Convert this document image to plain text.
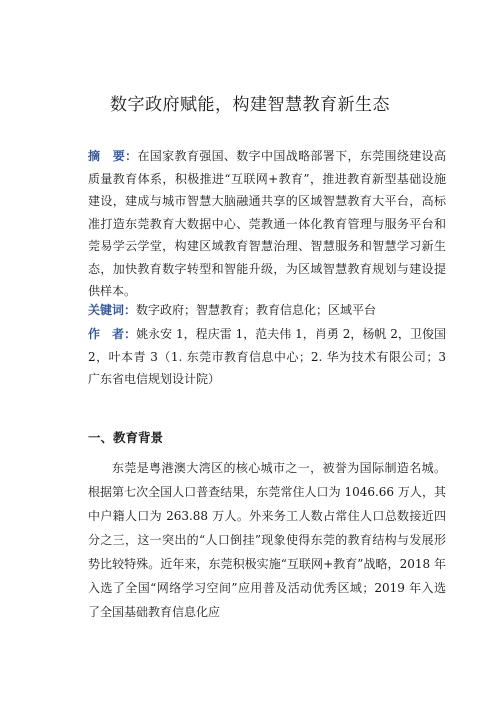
数字政府赋能，构建智慧教育新生态
摘　要：在国家教育强国、数字中国战略部署下，东莞围绕建设高质量教育体系，积极推进“互联网+教育”，推进教育新型基础设施建设，建成与城市智慧大脑融通共享的区域智慧教育大平台，高标准打造东莞教育大数据中心、莞教通一体化教育管理与服务平台和莞易学云学堂，构建区域教育智慧治理、智慧服务和智慧学习新生态，加快教育数字转型和智能升级，为区域智慧教育规划与建设提供样本。
关键词：数字政府；智慧教育；教育信息化；区域平台
作　者：姚永安 1，程庆雷 1，范夫伟 1，肖勇 2，杨帆 2，卫俊国 2，叶本青 3（1. 东莞市教育信息中心；2. 华为技术有限公司；3 广东省电信规划设计院）
一、教育背景
东莞是粤港澳大湾区的核心城市之一，被誉为国际制造名城。根据第七次全国人口普查结果，东莞常住人口为 1046.66 万人，其中户籍人口为 263.88 万人。外来务工人数占常住人口总数接近四分之三，这一突出的“人口倒挂”现象使得东莞的教育结构与发展形势比较特殊。近年来，东莞积极实施“互联网+教育”战略，2018 年入选了全国“网络学习空间”应用普及活动优秀区域；2019 年入选了全国基础教育信息化应
